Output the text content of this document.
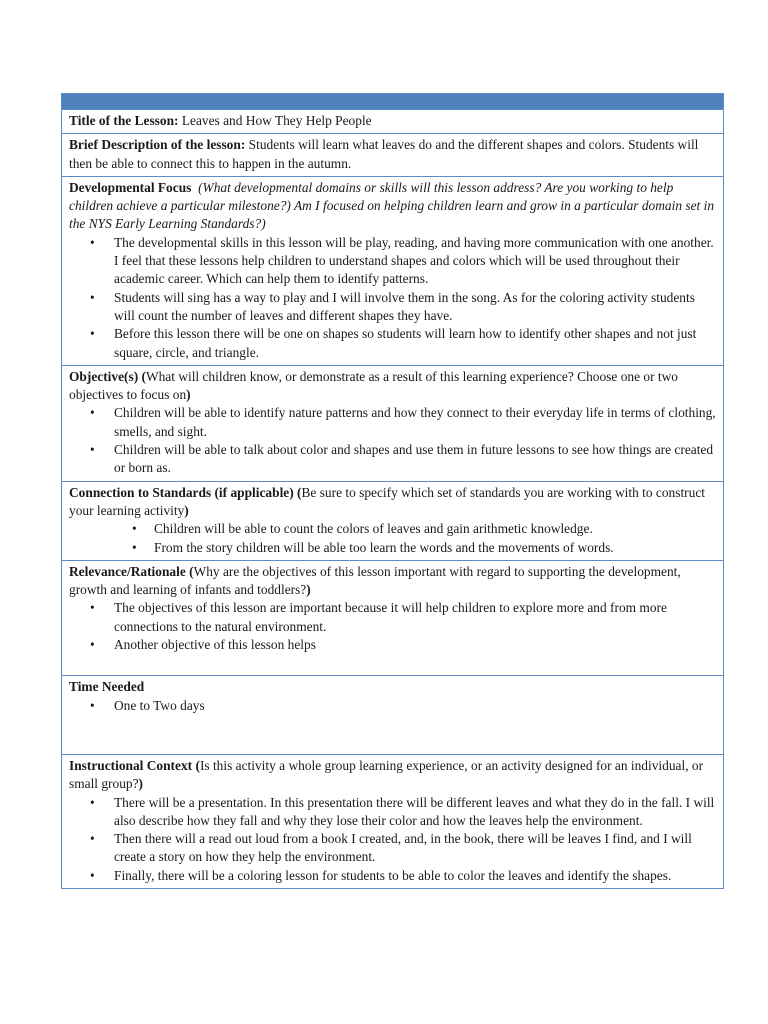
Title of the Lesson: Leaves and How They Help People
Brief Description of the lesson: Students will learn what leaves do and the different shapes and colors. Students will then be able to connect this to happen in the autumn.
Developmental Focus (What developmental domains or skills will this lesson address? Are you working to help children achieve a particular milestone?) Am I focused on helping children learn and grow in a particular domain set in the NYS Early Learning Standards?)
• The developmental skills in this lesson will be play, reading, and having more communication with one another. I feel that these lessons help children to understand shapes and colors which will be used throughout their academic career. Which can help them to identify patterns.
• Students will sing has a way to play and I will involve them in the song. As for the coloring activity students will count the number of leaves and different shapes they have.
• Before this lesson there will be one on shapes so students will learn how to identify other shapes and not just square, circle, and triangle.

Objective(s) (What will children know, or demonstrate as a result of this learning experience? Choose one or two objectives to focus on)
• Children will be able to identify nature patterns and how they connect to their everyday life in terms of clothing, smells, and sight.
• Children will be able to talk about color and shapes and use them in future lessons to see how things are created or born as.

Connection to Standards (if applicable) (Be sure to specify which set of standards you are working with to construct your learning activity)
• Children will be able to count the colors of leaves and gain arithmetic knowledge.
• From the story children will be able too learn the words and the movements of words.

Relevance/Rationale (Why are the objectives of this lesson important with regard to supporting the development, growth and learning of infants and toddlers?)
• The objectives of this lesson are important because it will help children to explore more and from more connections to the natural environment.
• Another objective of this lesson helps

Time Needed
• One to Two days

Instructional Context (Is this activity a whole group learning experience, or an activity designed for an individual, or small group?)
• There will be a presentation. In this presentation there will be different leaves and what they do in the fall. I will also describe how they fall and why they lose their color and how the leaves help the environment.
• Then there will a read out loud from a book I created, and, in the book, there will be leaves I find, and I will create a story on how they help the environment.
• Finally, there will be a coloring lesson for students to be able to color the leaves and identify the shapes.
